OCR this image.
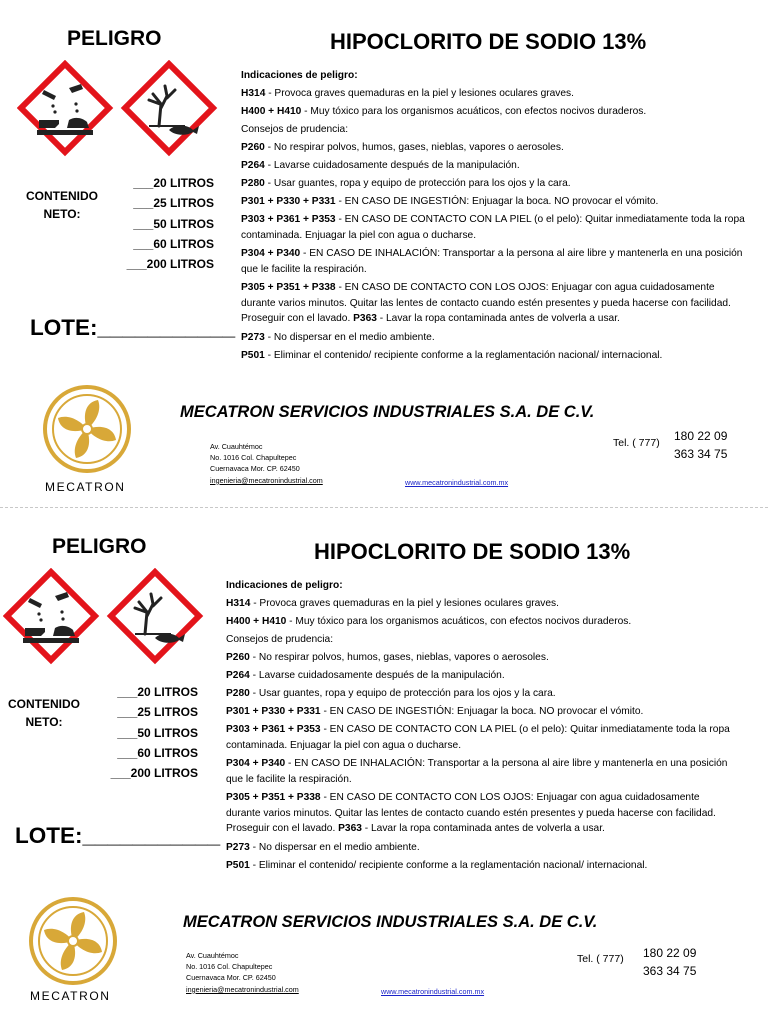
PELIGRO	HIPOCLORITO DE SODIO 13%
CONTENIDO
NETO:
___20 LITROS
___25 LITROS
___50 LITROS
___60 LITROS
___200 LITROS
LOTE:___________

Indicaciones de peligro:

H314 - Provoca graves quemaduras en la piel y lesiones oculares graves.

H400 + H410 - Muy tóxico para los organismos acuáticos, con efectos nocivos duraderos.

Consejos de prudencia:

P260 - No respirar polvos, humos, gases, nieblas, vapores o aerosoles.

P264 - Lavarse cuidadosamente después de la manipulación.

P280 - Usar guantes, ropa y equipo de protección para los ojos y la cara.

P301 + P330 + P331 - EN CASO DE INGESTIÓN: Enjuagar la boca. NO provocar el vómito.

P303 + P361 + P353 - EN CASO DE CONTACTO CON LA PIEL (o el pelo): Quitar inmediatamente toda la ropa contaminada. Enjuagar la piel con agua o ducharse.

P304 + P340 - EN CASO DE INHALACIÓN: Transportar a la persona al aire libre y mantenerla en una posición que le facilite la respiración.

P305 + P351 + P338 - EN CASO DE CONTACTO CON LOS OJOS: Enjuagar con agua cuidadosamente durante varios minutos. Quitar las lentes de contacto cuando estén presentes y pueda hacerse con facilidad. Proseguir con el lavado. P363 - Lavar la ropa contaminada antes de volverla a usar.

P273 - No dispersar en el medio ambiente.

P501 - Eliminar el contenido/ recipiente conforme a la reglamentación nacional/ internacional.

MECATRON
MECATRON SERVICIOS INDUSTRIALES S.A. DE C.V.
Av. Cuauhtémoc
No. 1016 Col. Chapultepec
Cuernavaca Mor. CP. 62450
ingenieria@mecatronindustrial.com	www.mecatronindustrial.com.mx
Tel. ( 777) 180 22 09
363 34 75
PELIGRO	HIPOCLORITO DE SODIO 13%
CONTENIDO
NETO:
___20 LITROS
___25 LITROS
___50 LITROS
___60 LITROS
___200 LITROS
LOTE:___________

Indicaciones de peligro:

H314 - Provoca graves quemaduras en la piel y lesiones oculares graves.

H400 + H410 - Muy tóxico para los organismos acuáticos, con efectos nocivos duraderos.

Consejos de prudencia:

P260 - No respirar polvos, humos, gases, nieblas, vapores o aerosoles.

P264 - Lavarse cuidadosamente después de la manipulación.

P280 - Usar guantes, ropa y equipo de protección para los ojos y la cara.

P301 + P330 + P331 - EN CASO DE INGESTIÓN: Enjuagar la boca. NO provocar el vómito.

P303 + P361 + P353 - EN CASO DE CONTACTO CON LA PIEL (o el pelo): Quitar inmediatamente toda la ropa contaminada. Enjuagar la piel con agua o ducharse.

P304 + P340 - EN CASO DE INHALACIÓN: Transportar a la persona al aire libre y mantenerla en una posición que le facilite la respiración.

P305 + P351 + P338 - EN CASO DE CONTACTO CON LOS OJOS: Enjuagar con agua cuidadosamente durante varios minutos. Quitar las lentes de contacto cuando estén presentes y pueda hacerse con facilidad. Proseguir con el lavado. P363 - Lavar la ropa contaminada antes de volverla a usar.

P273 - No dispersar en el medio ambiente.

P501 - Eliminar el contenido/ recipiente conforme a la reglamentación nacional/ internacional.

MECATRON
MECATRON SERVICIOS INDUSTRIALES S.A. DE C.V.
Av. Cuauhtémoc
No. 1016 Col. Chapultepec
Cuernavaca Mor. CP. 62450
ingenieria@mecatronindustrial.com	www.mecatronindustrial.com.mx
Tel. ( 777) 180 22 09
363 34 75
